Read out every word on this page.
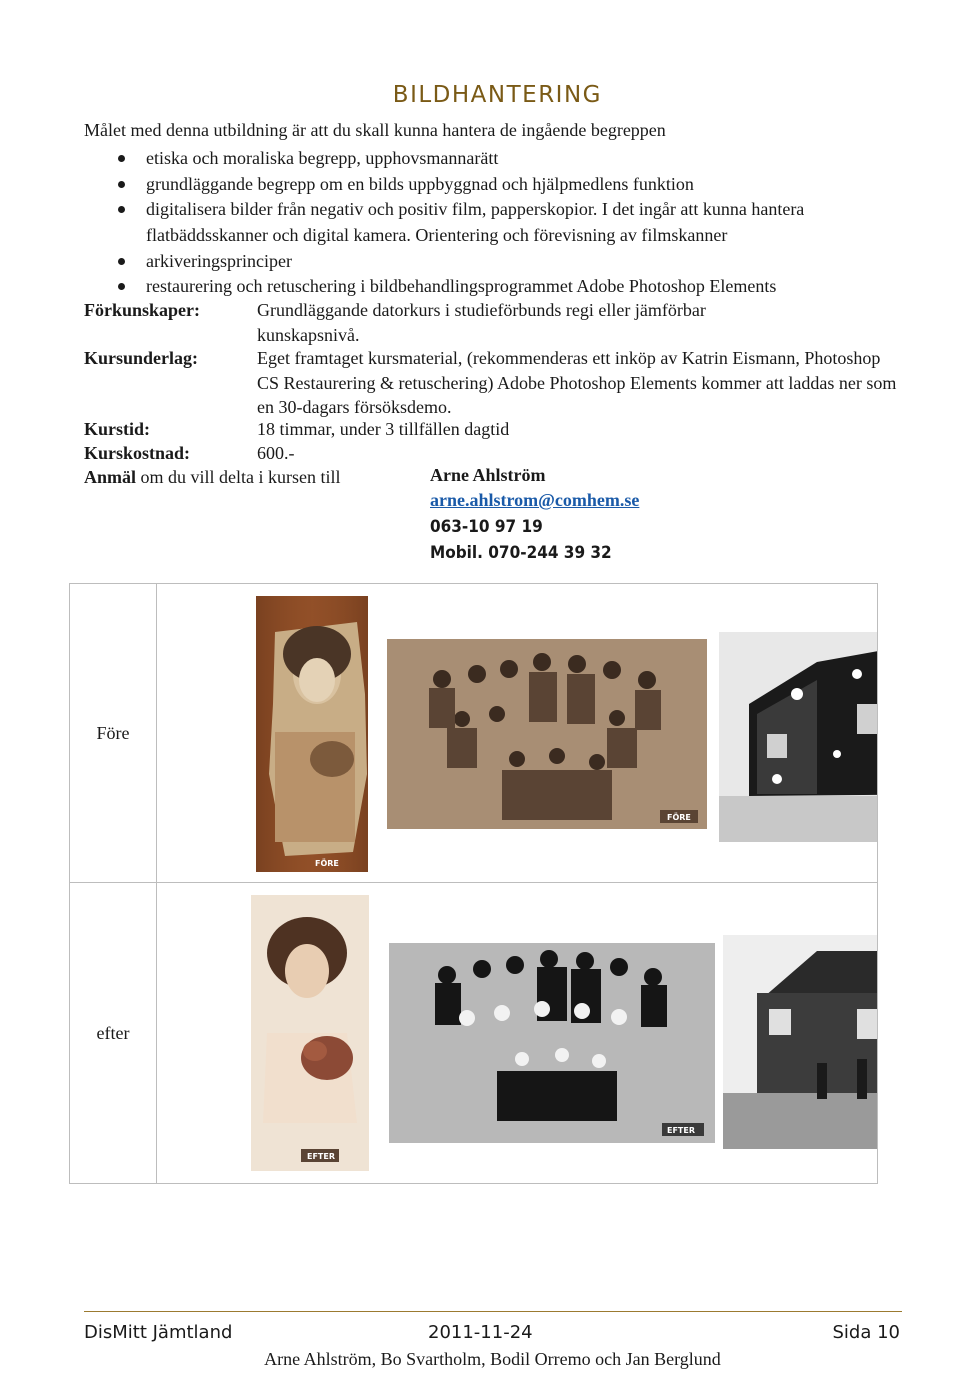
BILDHANTERING
Målet med denna utbildning är att du skall kunna hantera de ingående begreppen
etiska och moraliska begrepp, upphovsmannarätt
grundläggande begrepp om en bilds uppbyggnad och hjälpmedlens funktion
digitalisera bilder från negativ och positiv film, papperskopior. I det ingår att kunna hantera flatbäddsskanner och digital kamera. Orientering och förevisning av filmskanner
arkiveringsprinciper
restaurering och retuschering i bildbehandlingsprogrammet Adobe Photoshop Elements
Förkunskaper:	Grundläggande datorkurs i studieförbunds regi eller jämförbar kunskapsnivå.
Kursunderlag:	Eget framtaget kursmaterial, (rekommenderas ett inköp av Katrin Eismann, Photoshop CS Restaurering & retuschering) Adobe Photoshop Elements kommer att laddas ner som en 30-dagars försöksdemo.
Kurstid:	18 timmar, under 3 tillfällen dagtid
Kurskostnad:	600.-
Anmäl om du vill delta i kursen till	Arne Ahlström
arne.ahlstrom@comhem.se
063-10 97 19
Mobil. 070-244 39 32
Före	FÖRE
FÖRE

efter	EFTER
EFTER
DisMitt Jämtland	2011-11-24	Sida 10
Arne Ahlström, Bo Svartholm, Bodil Orremo och Jan Berglund
